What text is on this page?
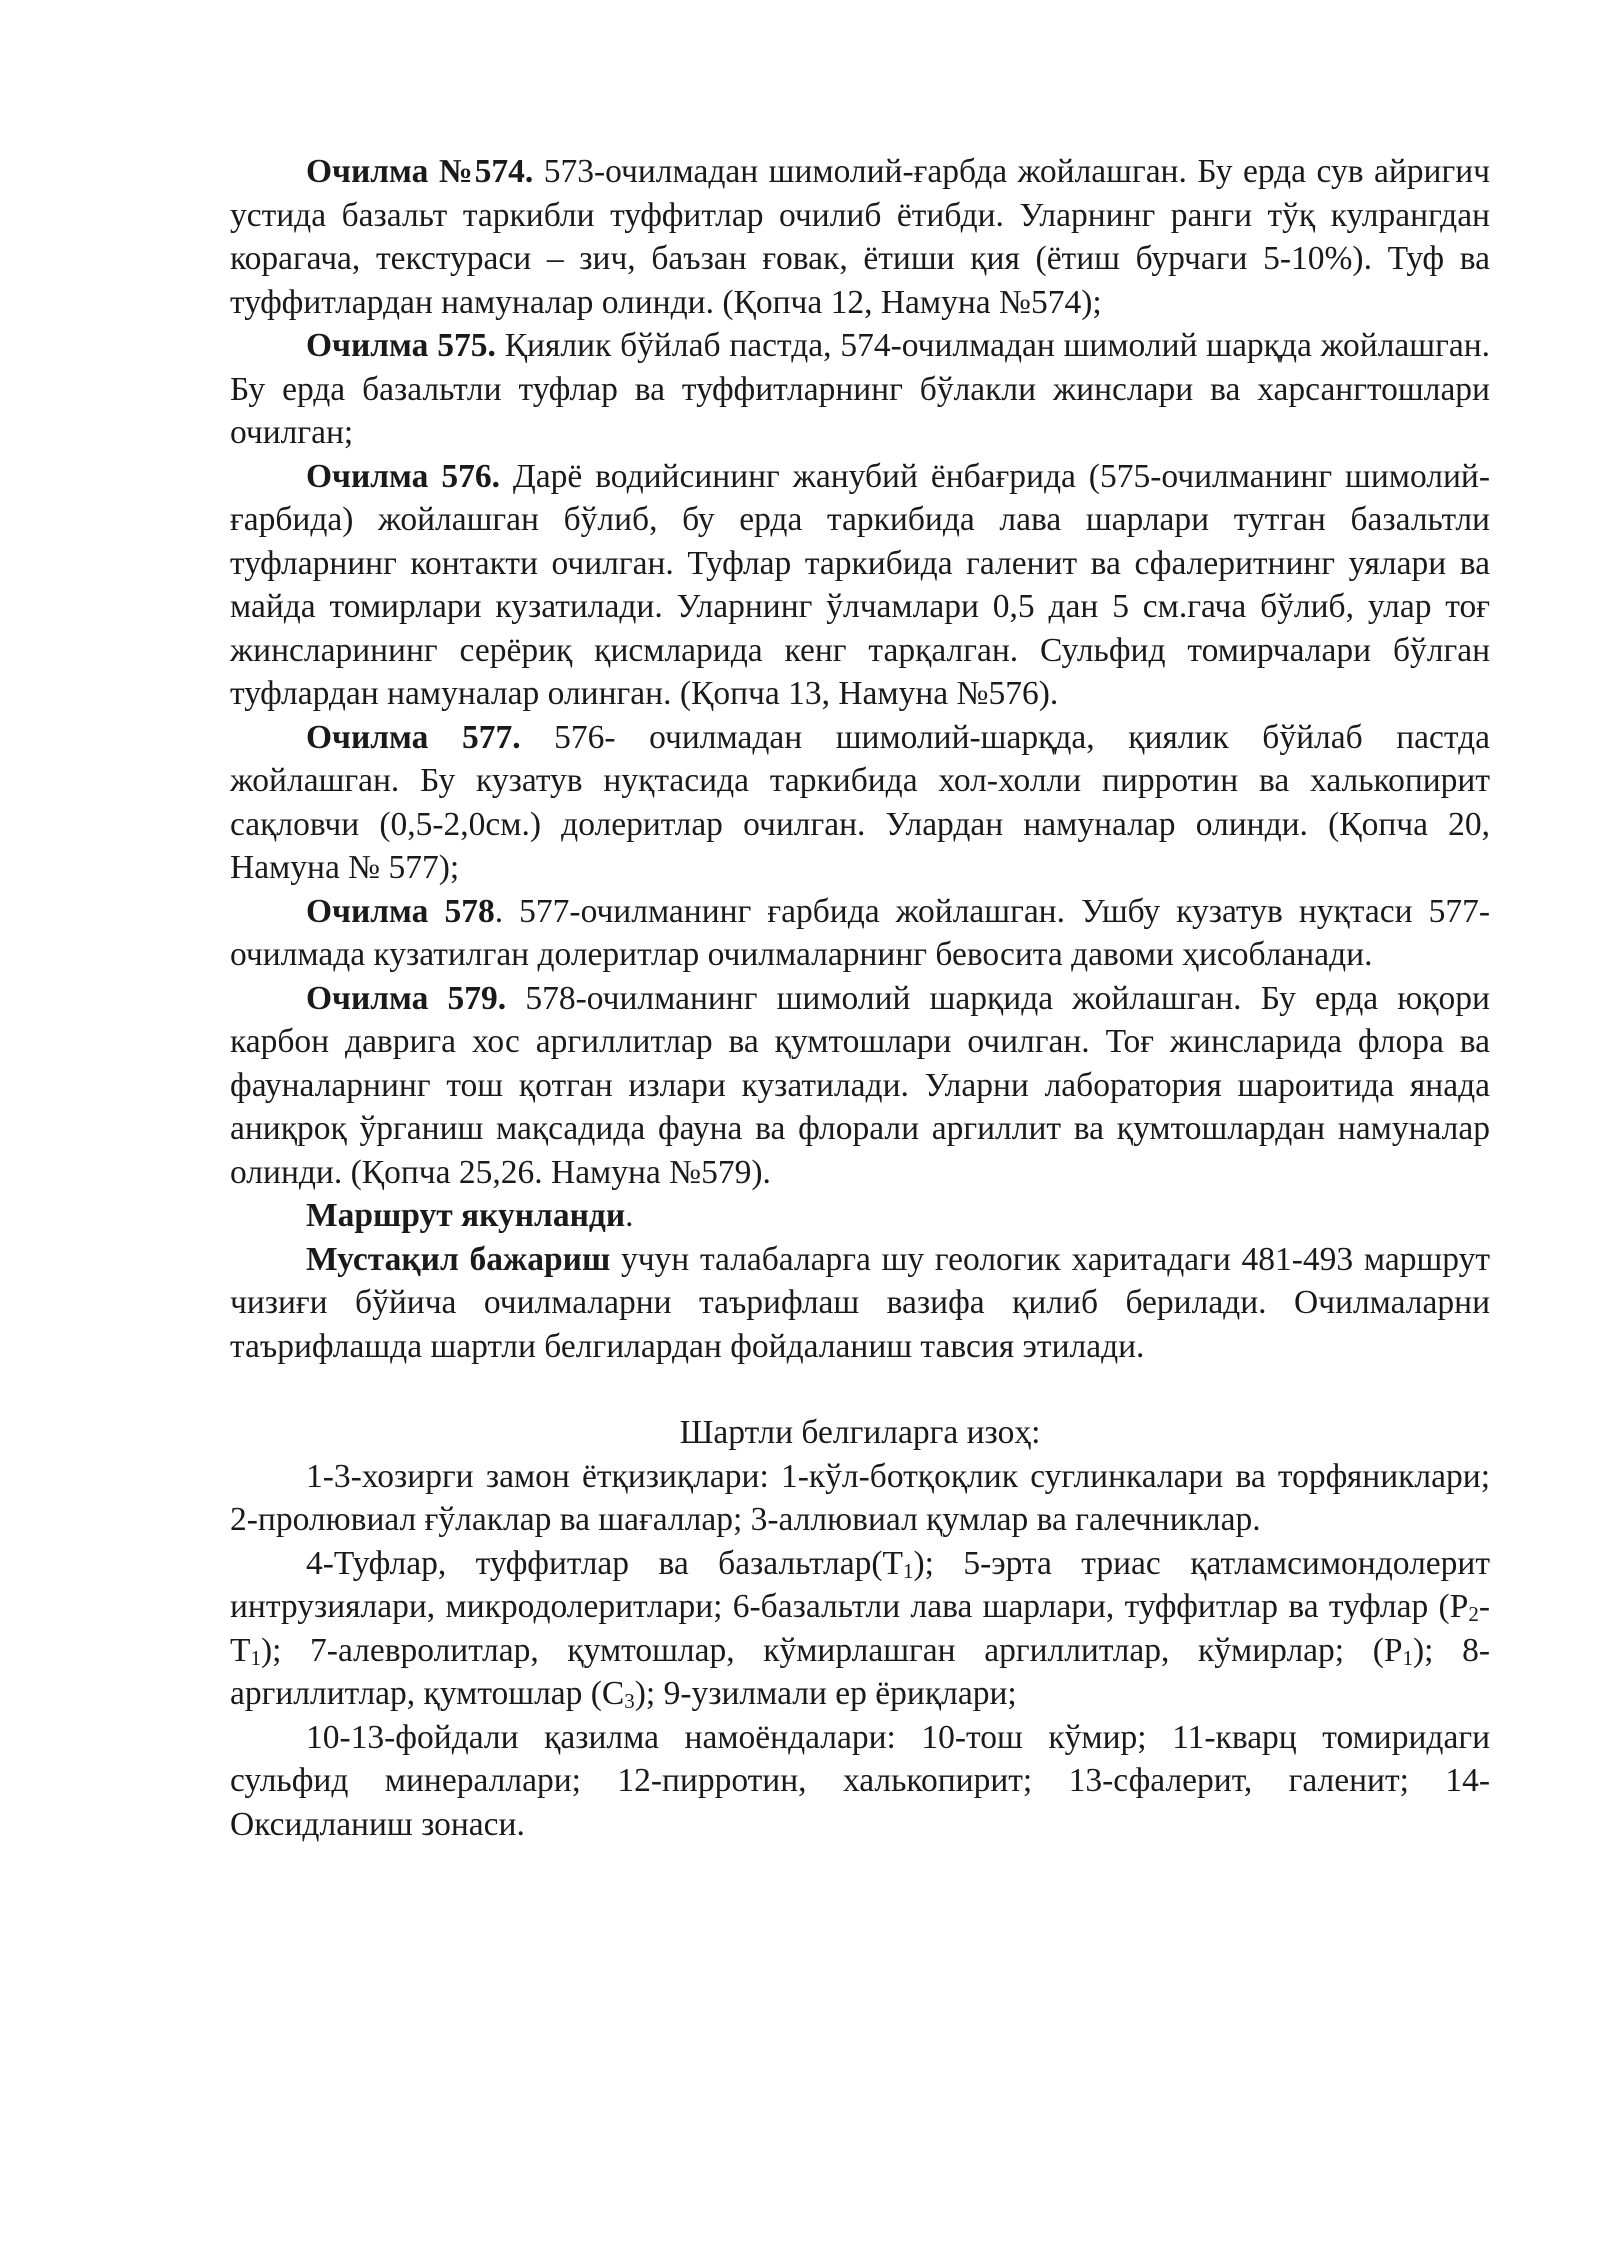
Очилма №574. 573-очилмадан шимолий-ғарбда жойлашган. Бу ерда сув айригич устида базальт таркибли туффитлар очилиб ётибди. Уларнинг ранги тўқ кулрангдан корагача, текстураси – зич, баъзан ғовак, ётиши қия (ётиш бурчаги 5-10%). Туф ва туффитлардан намуналар олинди. (Қопча 12, Намуна №574);

Очилма 575. Қиялик бўйлаб пастда, 574-очилмадан шимолий шарқда жойлашган. Бу ерда базальтли туфлар ва туффитларнинг бўлакли жинслари ва харсангтошлари очилган;

Очилма 576. Дарё водийсининг жанубий ёнбағрида (575-очилманинг шимолий-ғарбида) жойлашган бўлиб, бу ерда таркибида лава шарлари тутган базальтли туфларнинг контакти очилган. Туфлар таркибида галенит ва сфалеритнинг уялари ва майда томирлари кузатилади. Уларнинг ўлчамлари 0,5 дан 5 см.гача бўлиб, улар тоғ жинсларининг серёриқ қисмларида кенг тарқалган. Сульфид томирчалари бўлган туфлардан намуналар олинган. (Қопча 13, Намуна №576).

Очилма 577. 576- очилмадан шимолий-шарқда, қиялик бўйлаб пастда жойлашган. Бу кузатув нуқтасида таркибида хол-холли пирротин ва халькопирит сақловчи (0,5-2,0см.) долеритлар очилган. Улардан намуналар олинди. (Қопча 20, Намуна № 577);

Очилма 578. 577-очилманинг ғарбида жойлашган. Ушбу кузатув нуқтаси 577-очилмада кузатилган долеритлар очилмаларнинг бевосита давоми ҳисобланади.

Очилма 579. 578-очилманинг шимолий шарқида жойлашган. Бу ерда юқори карбон даврига хос аргиллитлар ва қумтошлари очилган. Тоғ жинсларида флора ва фауналарнинг тош қотган излари кузатилади. Уларни лаборатория шароитида янада аниқроқ ўрганиш мақсадида фауна ва флорали аргиллит ва қумтошлардан намуналар олинди. (Қопча 25,26. Намуна №579).

Маршрут якунланди.

Мустақил бажариш учун талабаларга шу геологик харитадаги 481-493 маршрут чизиғи бўйича очилмаларни таърифлаш вазифа қилиб берилади. Очилмаларни таърифлашда шартли белгилардан фойдаланиш тавсия этилади.

Шартли белгиларга изоҳ:

1-3-хозирги замон ётқизиқлари: 1-кўл-ботқоқлик суглинкалари ва торфяниклари; 2-пролювиал ғўлаклар ва шағаллар; 3-аллювиал қумлар ва галечниклар.

4-Туфлар, туффитлар ва $базальтлар(T_1)$; 5-эрта триас қатламсимондолерит интрузиялари, микродолеритлари; 6-базальтли лава шарлари, туффитлар ва туфлар $(P_2-T_1)$; 7-алевролитлар, қумтошлар, кўмирлашган аргиллитлар, кўмирлар; $(P_1)$; 8-аргиллитлар, қумтошлар $(C_3)$; 9-узилмали ер ёриқлари;

10-13-фойдали қазилма намоёндалари: 10-тош кўмир; 11-кварц томиридаги сульфид минераллари; 12-пирротин, халькопирит; 13-сфалерит, галенит; 14-Оксидланиш зонаси.
